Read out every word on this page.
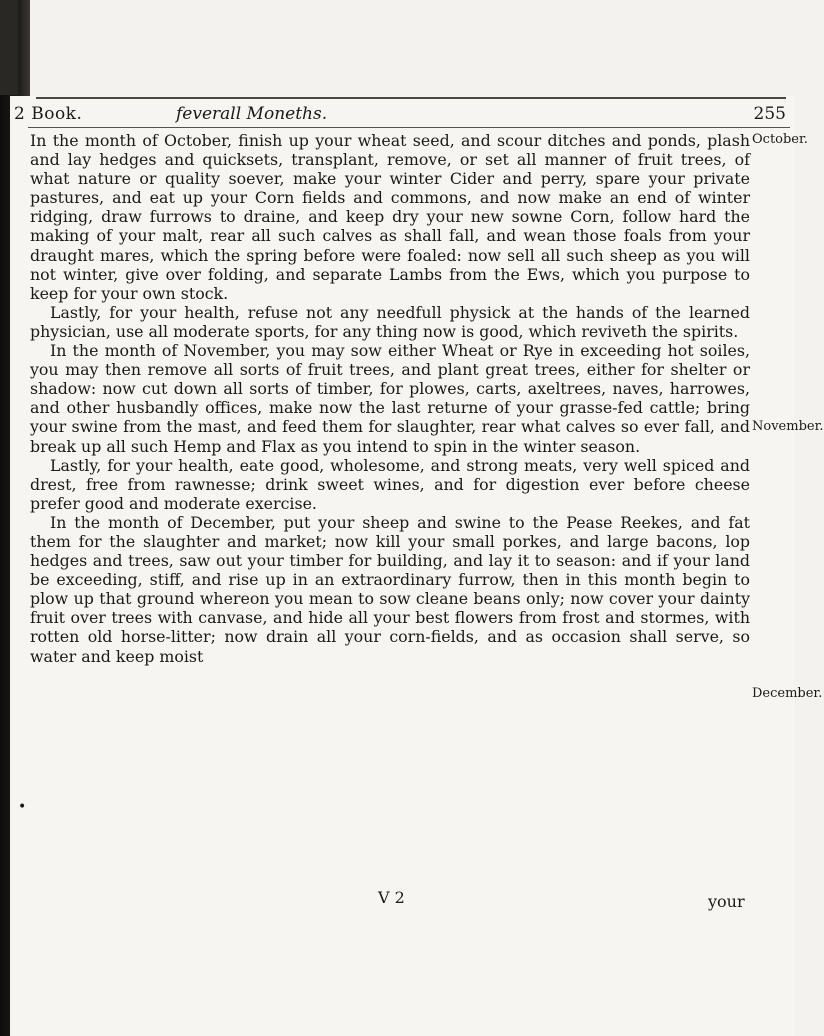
2 Book.	feverall Moneths.	255

In the month of October, finish up your wheat seed, and scour ditches and ponds, plash and lay hedges and quicksets, transplant, remove, or set all manner of fruit trees, of what nature or quality soever, make your winter Cider and perry, spare your private pastures, and eat up your Corn fields and commons, and now make an end of winter ridging, draw furrows to draine, and keep dry your new sowne Corn, follow hard the making of your malt, rear all such calves as shall fall, and wean those foals from your draught mares, which the spring before were foaled: now sell all such sheep as you will not winter, give over folding, and separate Lambs from the Ews, which you purpose to keep for your own stock.

Lastly, for your health, refuse not any needfull physick at the hands of the learned physician, use all moderate sports, for any thing now is good, which reviveth the spirits.

In the month of November, you may sow either Wheat or Rye in exceeding hot soiles, you may then remove all sorts of fruit trees, and plant great trees, either for shelter or shadow: now cut down all sorts of timber, for plowes, carts, axeltrees, naves, harrowes, and other husbandly offices, make now the last returne of your grasse-fed cattle; bring your swine from the mast, and feed them for slaughter, rear what calves so ever fall, and break up all such Hemp and Flax as you intend to spin in the winter season.

Lastly, for your health, eate good, wholesome, and strong meats, very well spiced and drest, free from rawnesse; drink sweet wines, and for digestion ever before cheese prefer good and moderate exercise.

In the month of December, put your sheep and swine to the Pease Reekes, and fat them for the slaughter and market; now kill your small porkes, and large bacons, lop hedges and trees, saw out your timber for building, and lay it to season: and if your land be exceeding, stiff, and rise up in an extraordinary furrow, then in this month begin to plow up that ground whereon you mean to sow cleane beans only; now cover your dainty fruit over trees with canvase, and hide all your best flowers from frost and stormes, with rotten old horse-litter; now drain all your corn-fields, and as occasion shall serve, so water and keep moist

October.
November.
December.
•
V 2	your
